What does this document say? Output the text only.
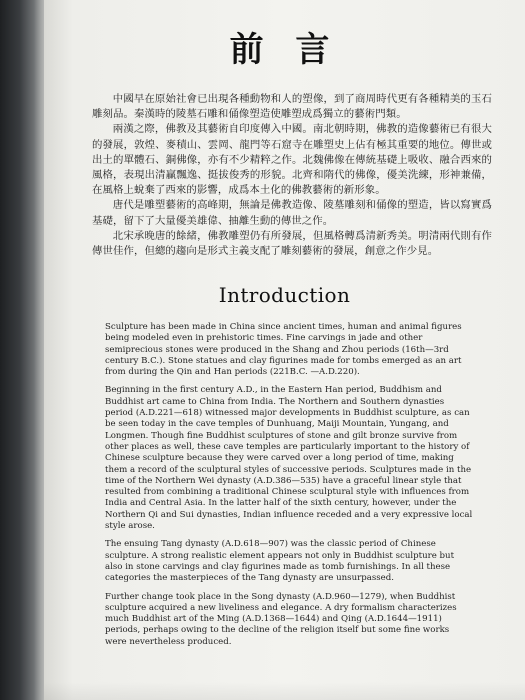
前 言

中國早在原始社會已出現各種動物和人的塑像，到了商周時代更有各種精美的玉石雕刻品。秦漢時的陵墓石雕和俑像塑造使雕塑成爲獨立的藝術門類。

兩漢之際，佛教及其藝術自印度傳入中國。南北朝時期，佛教的造像藝術已有很大的發展，敦煌、麥積山、雲岡、龍門等石窟寺在雕塑史上佔有極其重要的地位。傳世或出土的單體石、銅佛像，亦有不少精粹之作。北魏佛像在傳統基礎上吸收、融合西來的風格，表現出清贏飄逸、挺拔俊秀的形貌。北齊和隋代的佛像，優美洗練，形神兼備，在風格上蛻棄了西來的影響，成爲本土化的佛教藝術的新形象。

唐代是雕塑藝術的高峰期，無論是佛教造像、陵墓雕刻和俑像的塑造，皆以寫實爲基礎，留下了大量優美雄偉、抽離生動的傳世之作。

北宋承晚唐的餘緒，佛教雕塑仍有所發展，但風格轉爲清新秀美。明清兩代則有作傳世佳作，但總的趨向是形式主義支配了雕刻藝術的發展，創意之作少見。

Introduction

Sculpture has been made in China since ancient times, human and animal figures being modeled even in prehistoric times. Fine carvings in jade and other semiprecious stones were produced in the Shang and Zhou periods (16th—3rd century B.C.). Stone statues and clay figurines made for tombs emerged as an art from during the Qin and Han periods (221B.C. —A.D.220).

Beginning in the first century A.D., in the Eastern Han period, Buddhism and Buddhist art came to China from India. The Northern and Southern dynasties period (A.D.221—618) witnessed major developments in Buddhist sculpture, as can be seen today in the cave temples of Dunhuang, Maiji Mountain, Yungang, and Longmen. Though fine Buddhist sculptures of stone and gilt bronze survive from other places as well, these cave temples are particularly important to the history of Chinese sculpture because they were carved over a long period of time, making them a record of the sculptural styles of successive periods. Sculptures made in the time of the Northern Wei dynasty (A.D.386—535) have a graceful linear style that resulted from combining a traditional Chinese sculptural style with influences from India and Central Asia. In the latter half of the sixth century, however, under the Northern Qi and Sui dynasties, Indian influence receded and a very expressive local style arose.

The ensuing Tang dynasty (A.D.618—907) was the classic period of Chinese sculpture. A strong realistic element appears not only in Buddhist sculpture but also in stone carvings and clay figurines made as tomb furnishings. In all these categories the masterpieces of the Tang dynasty are unsurpassed.

Further change took place in the Song dynasty (A.D.960—1279), when Buddhist sculpture acquired a new liveliness and elegance. A dry formalism characterizes much Buddhist art of the Ming (A.D.1368—1644) and Qing (A.D.1644—1911) periods, perhaps owing to the decline of the religion itself but some fine works were nevertheless produced.
